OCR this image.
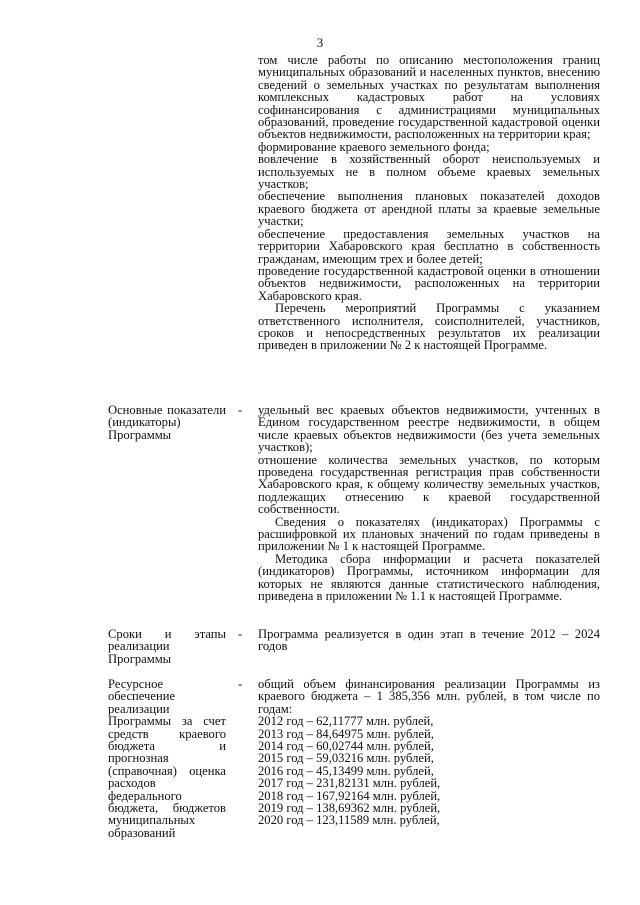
3

том числе работы по описанию местоположения границ муниципальных образований и населенных пунктов, внесению сведений о земельных участках по результатам выполнения комплексных кадастровых работ на условиях софинансирования с администрациями муниципальных образований, проведение государственной кадастровой оценки объектов недвижимости, расположенных на территории края;

формирование краевого земельного фонда;

вовлечение в хозяйственный оборот неиспользуемых и используемых не в полном объеме краевых земельных участков;

обеспечение выполнения плановых показателей доходов краевого бюджета от арендной платы за краевые земельные участки;

обеспечение предоставления земельных участков на территории Хабаровского края бесплатно в собственность гражданам, имеющим трех и более детей;

проведение государственной кадастровой оценки в отношении объектов недвижимости, расположенных на территории Хабаровского края.

Перечень мероприятий Программы с указанием ответственного исполнителя, соисполнителей, участников, сроков и непосредственных результатов их реализации приведен в приложении № 2 к настоящей Программе.

Основные показатели (индикаторы) Программы
- удельный вес краевых объектов недвижимости, учтенных в Едином государственном реестре недвижимости, в общем числе краевых объектов недвижимости (без учета земельных участков);

отношение количества земельных участков, по которым проведена государственная регистрация прав собственности Хабаровского края, к общему количеству земельных участков, подлежащих отнесению к краевой государственной собственности.

Сведения о показателях (индикаторах) Программы с расшифровкой их плановых значений по годам приведены в приложении № 1 к настоящей Программе.

Методика сбора информации и расчета показателей (индикаторов) Программы, источником информации для которых не являются данные статистического наблюдения, приведена в приложении № 1.1 к настоящей Программе.

Сроки и этапы реализации Программы
- Программа реализуется в один этап в течение 2012 – 2024 годов

Ресурсное обеспечение реализации Программы за счет средств краевого бюджета и прогнозная (справочная) оценка расходов федерального бюджета, бюджетов муниципальных образований
- общий объем финансирования реализации Программы из краевого бюджета – 1 385,356 млн. рублей, в том числе по годам:

2012 год – 62,11777 млн. рублей,
2013 год – 84,64975 млн. рублей,
2014 год – 60,02744 млн. рублей,
2015 год – 59,03216 млн. рублей,
2016 год – 45,13499 млн. рублей,
2017 год – 231,82131 млн. рублей,
2018 год – 167,92164 млн. рублей,
2019 год – 138,69362 млн. рублей,
2020 год – 123,11589 млн. рублей,
